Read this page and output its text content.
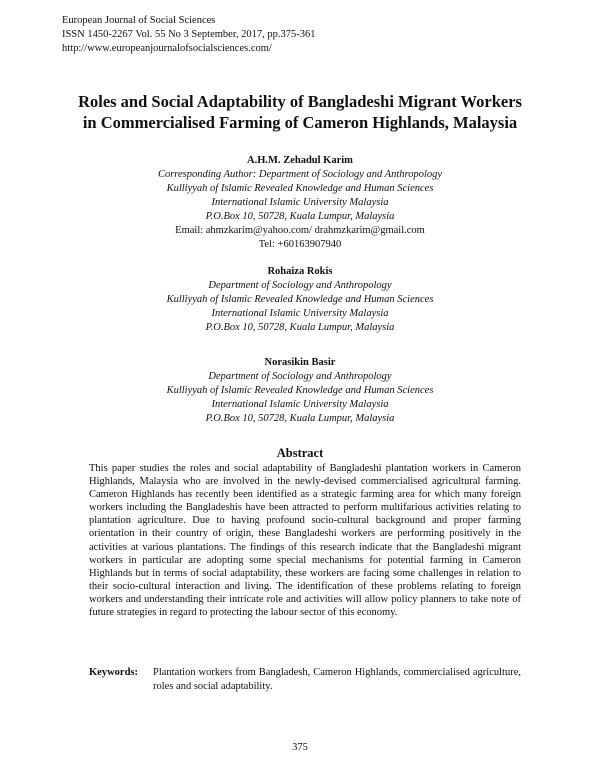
European Journal of Social Sciences
ISSN 1450-2267 Vol. 55 No 3 September, 2017, pp.375-361
http://www.europeanjournalofsocialsciences.com/
Roles and Social Adaptability of Bangladeshi Migrant Workers
in Commercialised Farming of Cameron Highlands, Malaysia
A.H.M. Zehadul Karim
Corresponding Author: Department of Sociology and Anthropology
Kulliyyah of Islamic Revealed Knowledge and Human Sciences
International Islamic University Malaysia
P.O.Box 10, 50728, Kuala Lumpur, Malaysia
Email: ahmzkarim@yahoo.com/ drahmzkarim@gmail.com
Tel: +60163907940
Rohaiza Rokis
Department of Sociology and Anthropology
Kulliyyah of Islamic Revealed Knowledge and Human Sciences
International Islamic University Malaysia
P.O.Box 10, 50728, Kuala Lumpur, Malaysia
Norasikin Basir
Department of Sociology and Anthropology
Kulliyyah of Islamic Revealed Knowledge and Human Sciences
International Islamic University Malaysia
P.O.Box 10, 50728, Kuala Lumpur, Malaysia
Abstract
This paper studies the roles and social adaptability of Bangladeshi plantation workers in Cameron Highlands, Malaysia who are involved in the newly-devised commercialised agricultural farming. Cameron Highlands has recently been identified as a strategic farming area for which many foreign workers including the Bangladeshis have been attracted to perform multifarious activities relating to plantation agriculture. Due to having profound socio-cultural background and proper farming orientation in their country of origin, these Bangladeshi workers are performing positively in the activities at various plantations. The findings of this research indicate that the Bangladeshi migrant workers in particular are adopting some special mechanisms for potential farming in Cameron Highlands but in terms of social adaptability, these workers are facing some challenges in relation to their socio-cultural interaction and living. The identification of these problems relating to foreign workers and understanding their intricate role and activities will allow policy planners to take note of future strategies in regard to protecting the labour sector of this economy.
Keywords:	Plantation workers from Bangladesh, Cameron Highlands, commercialised agriculture, roles and social adaptability.
375
